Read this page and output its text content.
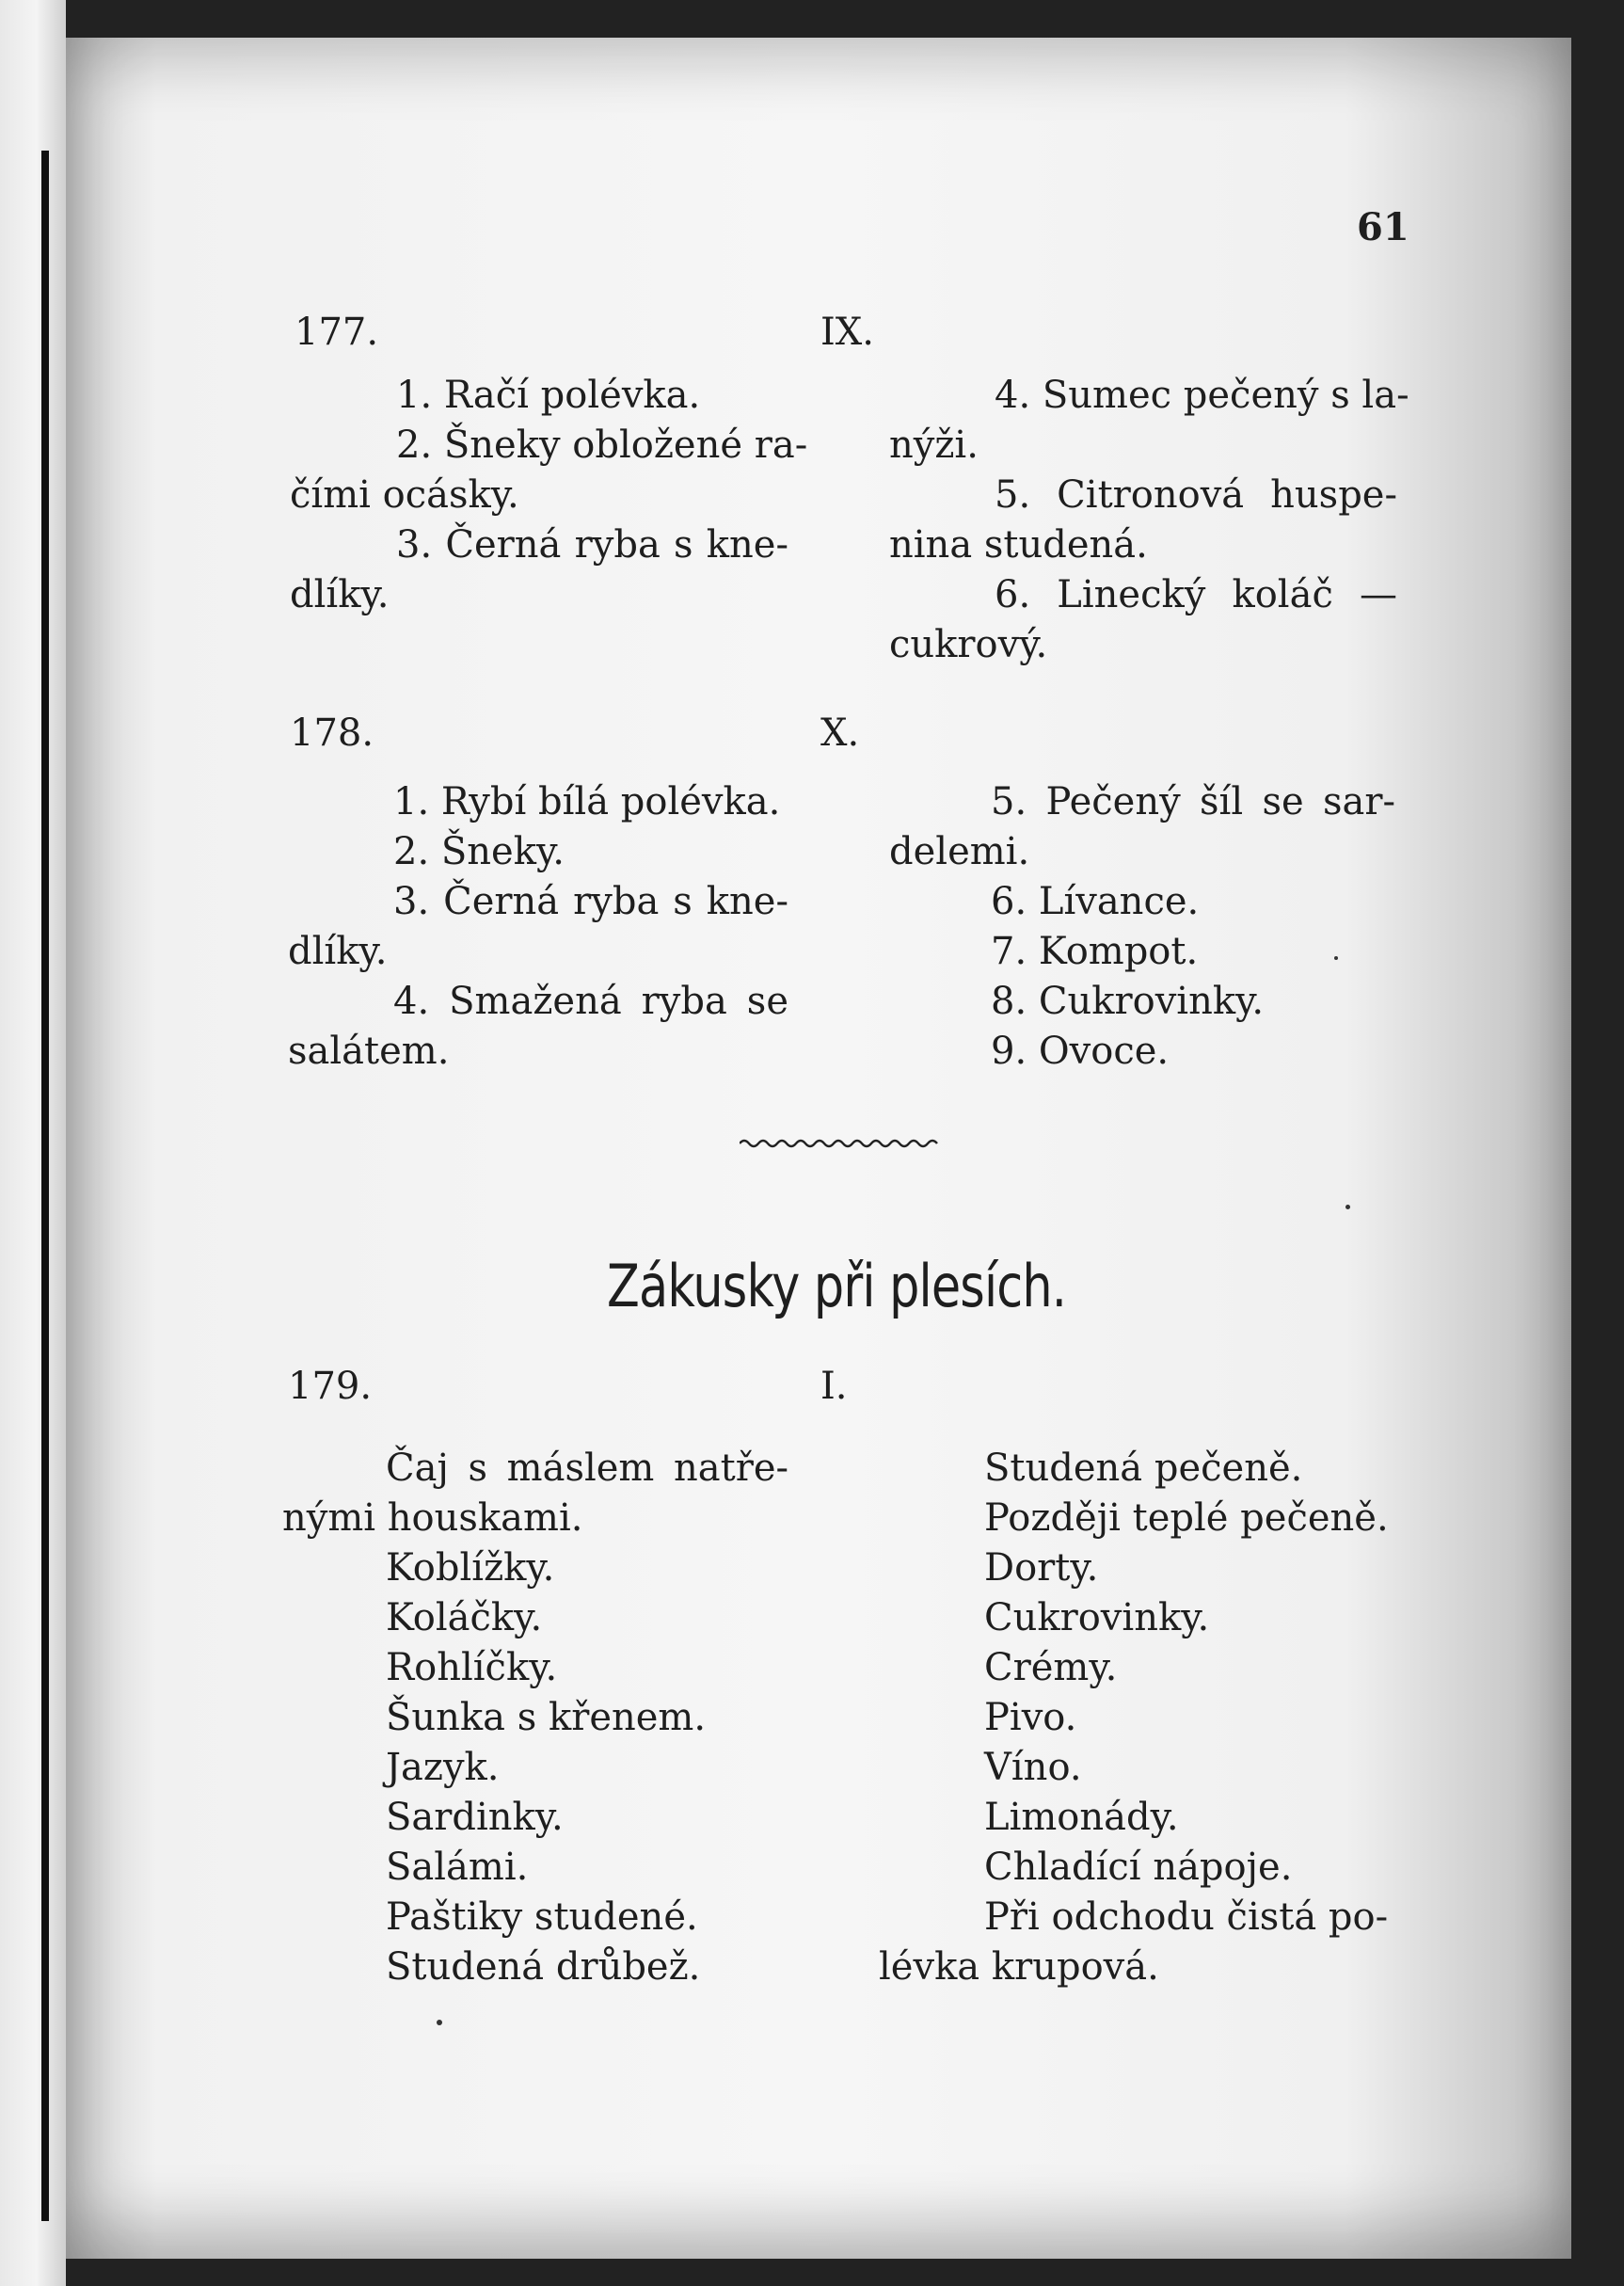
61
177.	IX.
1. Račí polévka.
2. Šneky obložené ra-
čími ocásky.
3. Černá ryba s kne-
dlíky.
4. Sumec pečený s la-
nýži.
5. Citronová huspe-
nina studená.
6. Linecký koláč —
cukrový.
178.	X.
1. Rybí bílá polévka.
2. Šneky.
3. Černá ryba s kne-
dlíky.
4. Smažená ryba se
salátem.
5. Pečený šíl se sar-
delemi.
6. Lívance.
7. Kompot.
8. Cukrovinky.
9. Ovoce.
Zákusky při plesích.
179.	I.
Čaj s máslem natře-
nými houskami.
Koblížky.
Koláčky.
Rohlíčky.
Šunka s křenem.
Jazyk.
Sardinky.
Salámi.
Paštiky studené.
Studená drůbež.
Studená pečeně.
Později teplé pečeně.
Dorty.
Cukrovinky.
Crémy.
Pivo.
Víno.
Limonády.
Chladící nápoje.
Při odchodu čistá po-
lévka krupová.
